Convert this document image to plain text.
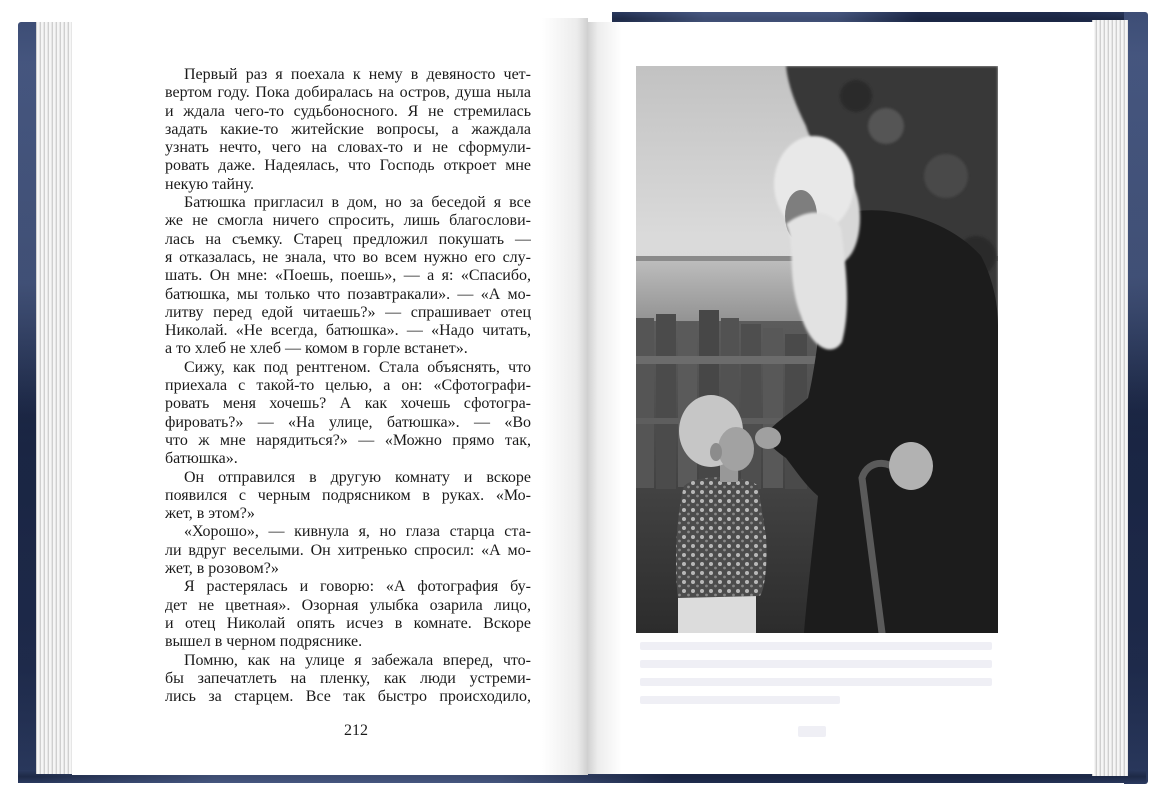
Первый раз я поехала к нему в девяносто чет-
вертом году. Пока добиралась на остров, душа ныла
и ждала чего-то судьбоносного. Я не стремилась
задать какие-то житейские вопросы, а жаждала
узнать нечто, чего на словах-то и не сформули-
ровать даже. Надеялась, что Господь откроет мне
некую тайну.
Батюшка пригласил в дом, но за беседой я все
же не смогла ничего спросить, лишь благослови-
лась на съемку. Старец предложил покушать —
я отказалась, не знала, что во всем нужно его слу-
шать. Он мне: «Поешь, поешь», — а я: «Спасибо,
батюшка, мы только что позавтракали». — «А мо-
литву перед едой читаешь?» — спрашивает отец
Николай. «Не всегда, батюшка». — «Надо читать,
а то хлеб не хлеб — комом в горле встанет».
Сижу, как под рентгеном. Стала объяснять, что
приехала с такой-то целью, а он: «Сфотографи-
ровать меня хочешь? А как хочешь сфотогра-
фировать?» — «На улице, батюшка». — «Во
что ж мне нарядиться?» — «Можно прямо так,
батюшка».
Он отправился в другую комнату и вскоре
появился с черным подрясником в руках. «Мо-
жет, в этом?»
«Хорошо», — кивнула я, но глаза старца ста-
ли вдруг веселыми. Он хитренько спросил: «А мо-
жет, в розовом?»
Я растерялась и говорю: «А фотография бу-
дет не цветная». Озорная улыбка озарила лицо,
и отец Николай опять исчез в комнате. Вскоре
вышел в черном подряснике.
Помню, как на улице я забежала вперед, что-
бы запечатлеть на пленку, как люди устреми-
лись за старцем. Все так быстро происходило,
212
